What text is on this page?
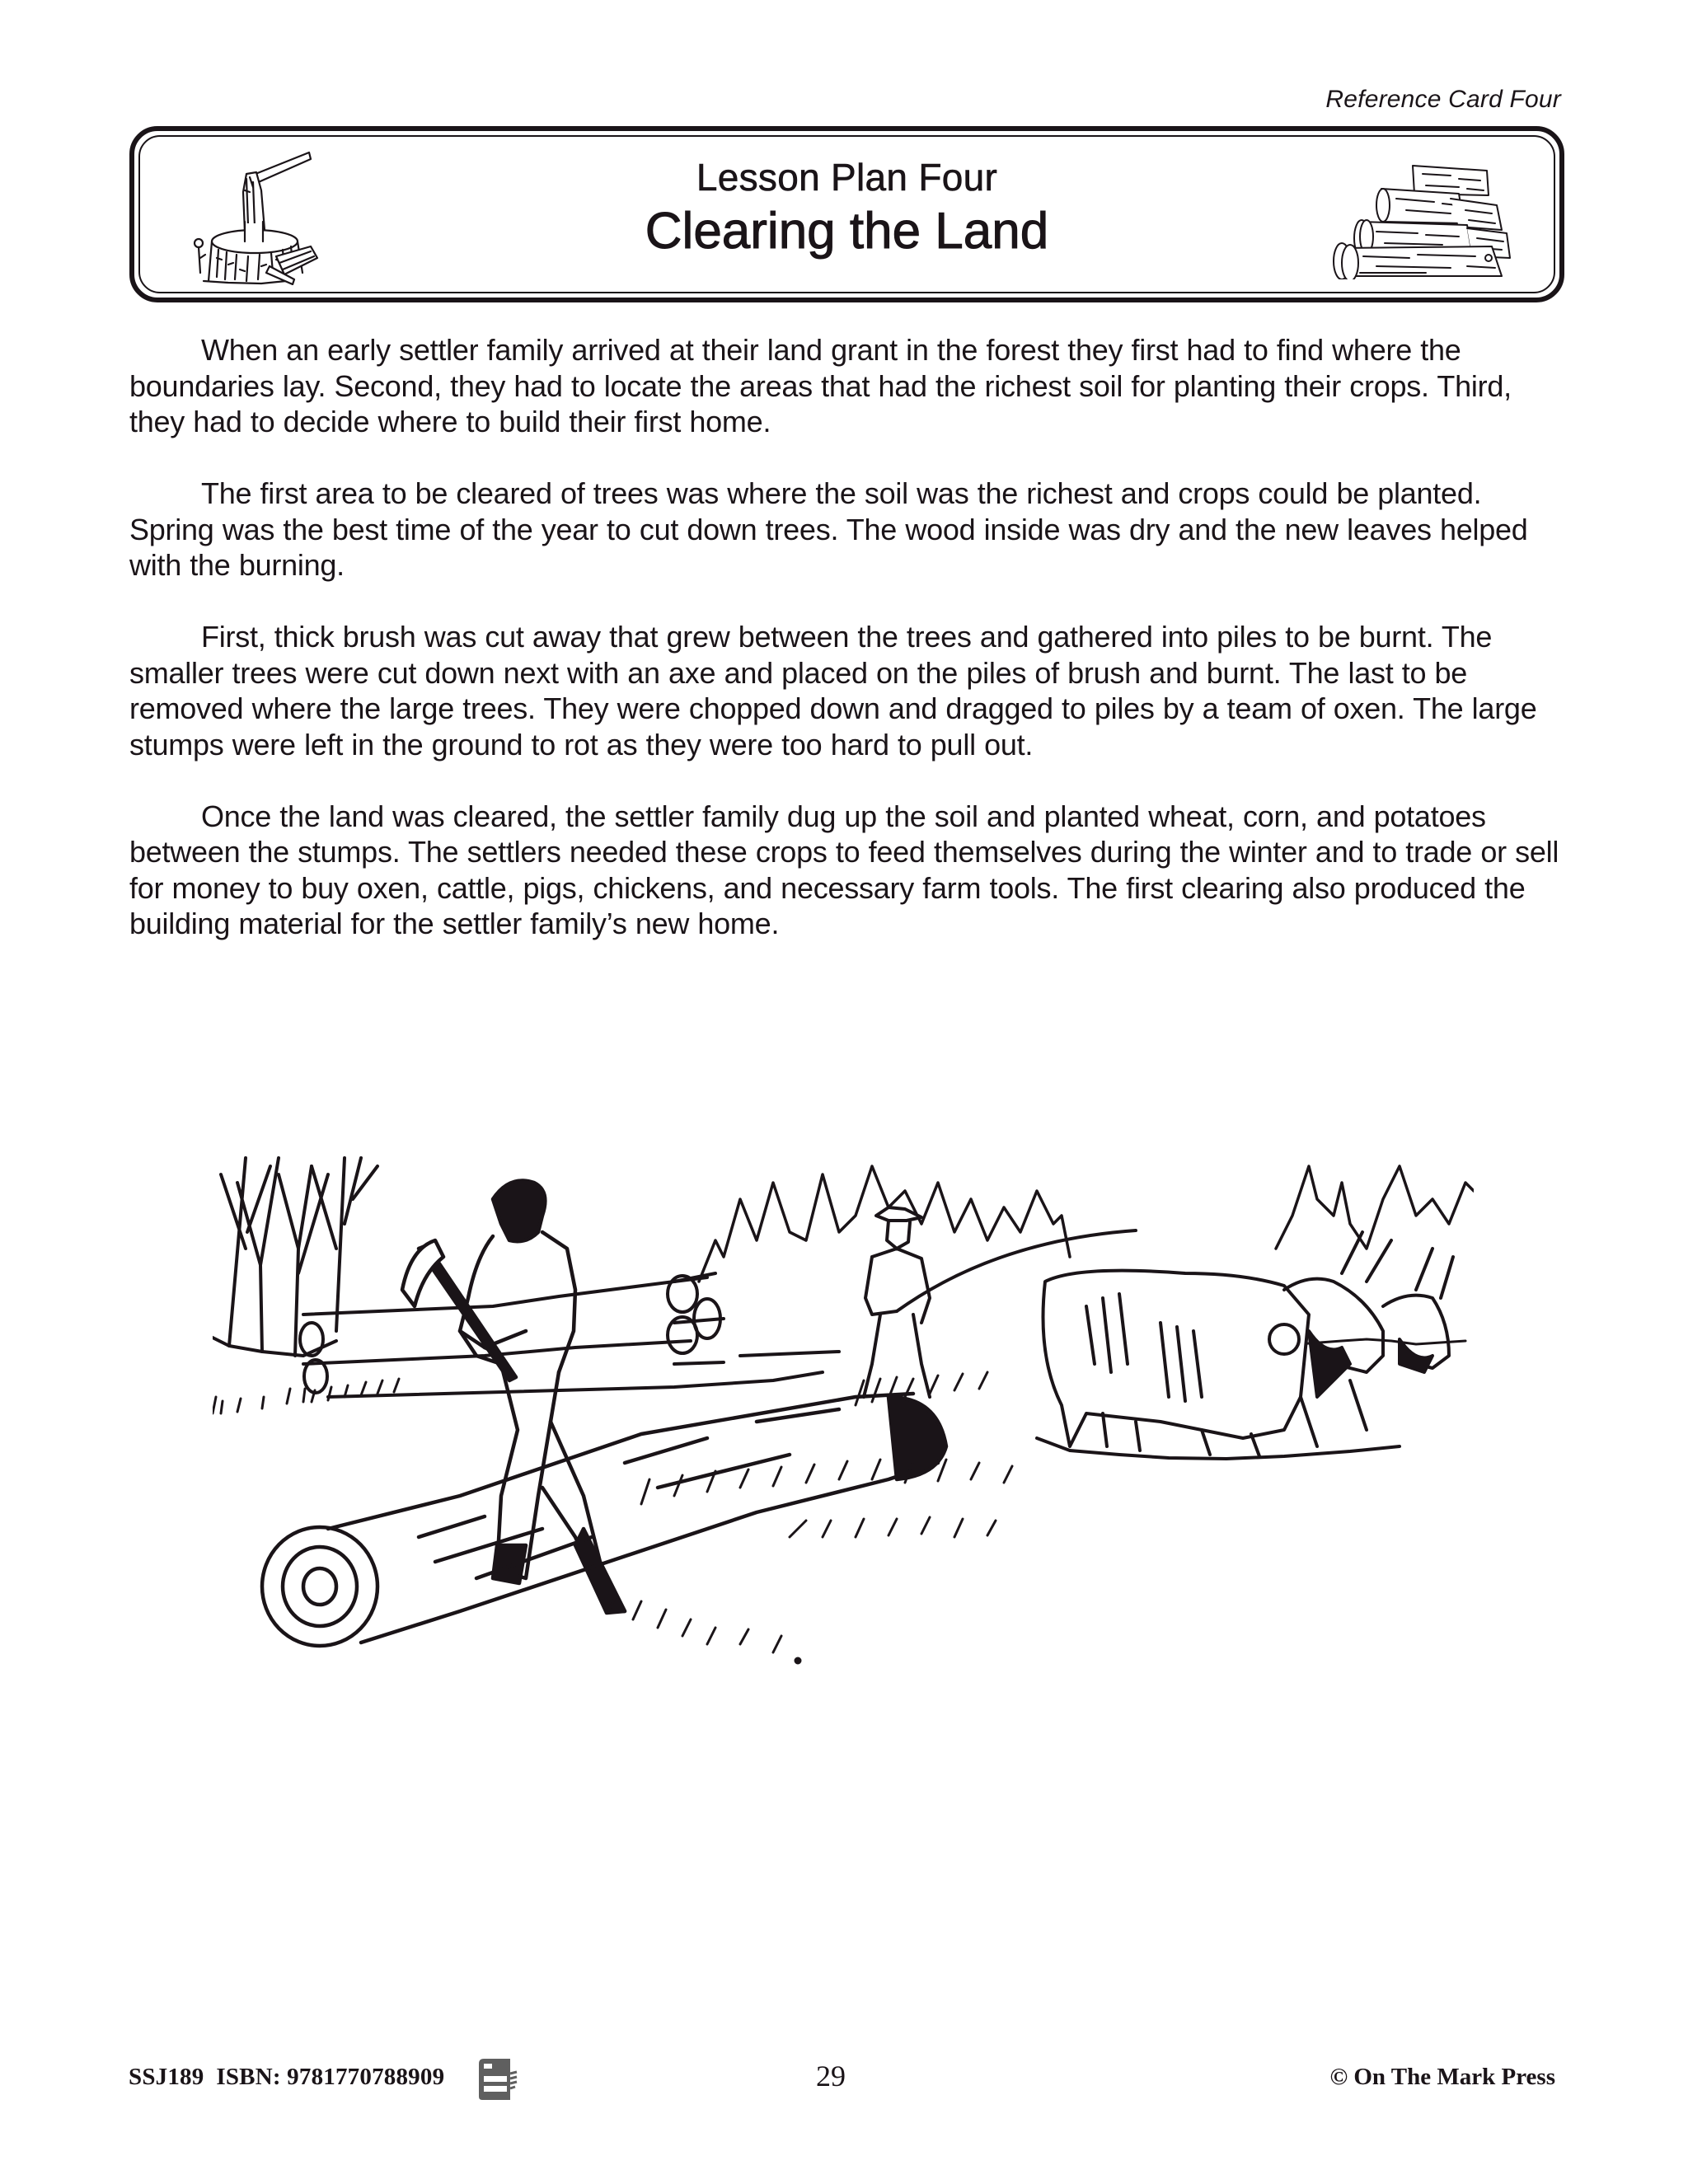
Reference Card Four
Lesson Plan Four
Clearing the Land

When an early settler family arrived at their land grant in the forest they first had to find where the boundaries lay. Second, they had to locate the areas that had the richest soil for planting their crops. Third, they had to decide where to build their first home.

The first area to be cleared of trees was where the soil was the richest and crops could be planted. Spring was the best time of the year to cut down trees. The wood inside was dry and the new leaves helped with the burning.

First, thick brush was cut away that grew between the trees and gathered into piles to be burnt. The smaller trees were cut down next with an axe and placed on the piles of brush and burnt. The last to be removed where the large trees. They were chopped down and dragged to piles by a team of oxen. The large stumps were left in the ground to rot as they were too hard to pull out.

Once the land was cleared, the settler family dug up the soil and planted wheat, corn, and potatoes between the stumps. The settlers needed these crops to feed themselves during the winter and to trade or sell for money to buy oxen, cattle, pigs, chickens, and necessary farm tools. The first clearing also produced the building material for the settler family’s new home.

SSJ189  ISBN: 9781770788909	29	© On The Mark Press
